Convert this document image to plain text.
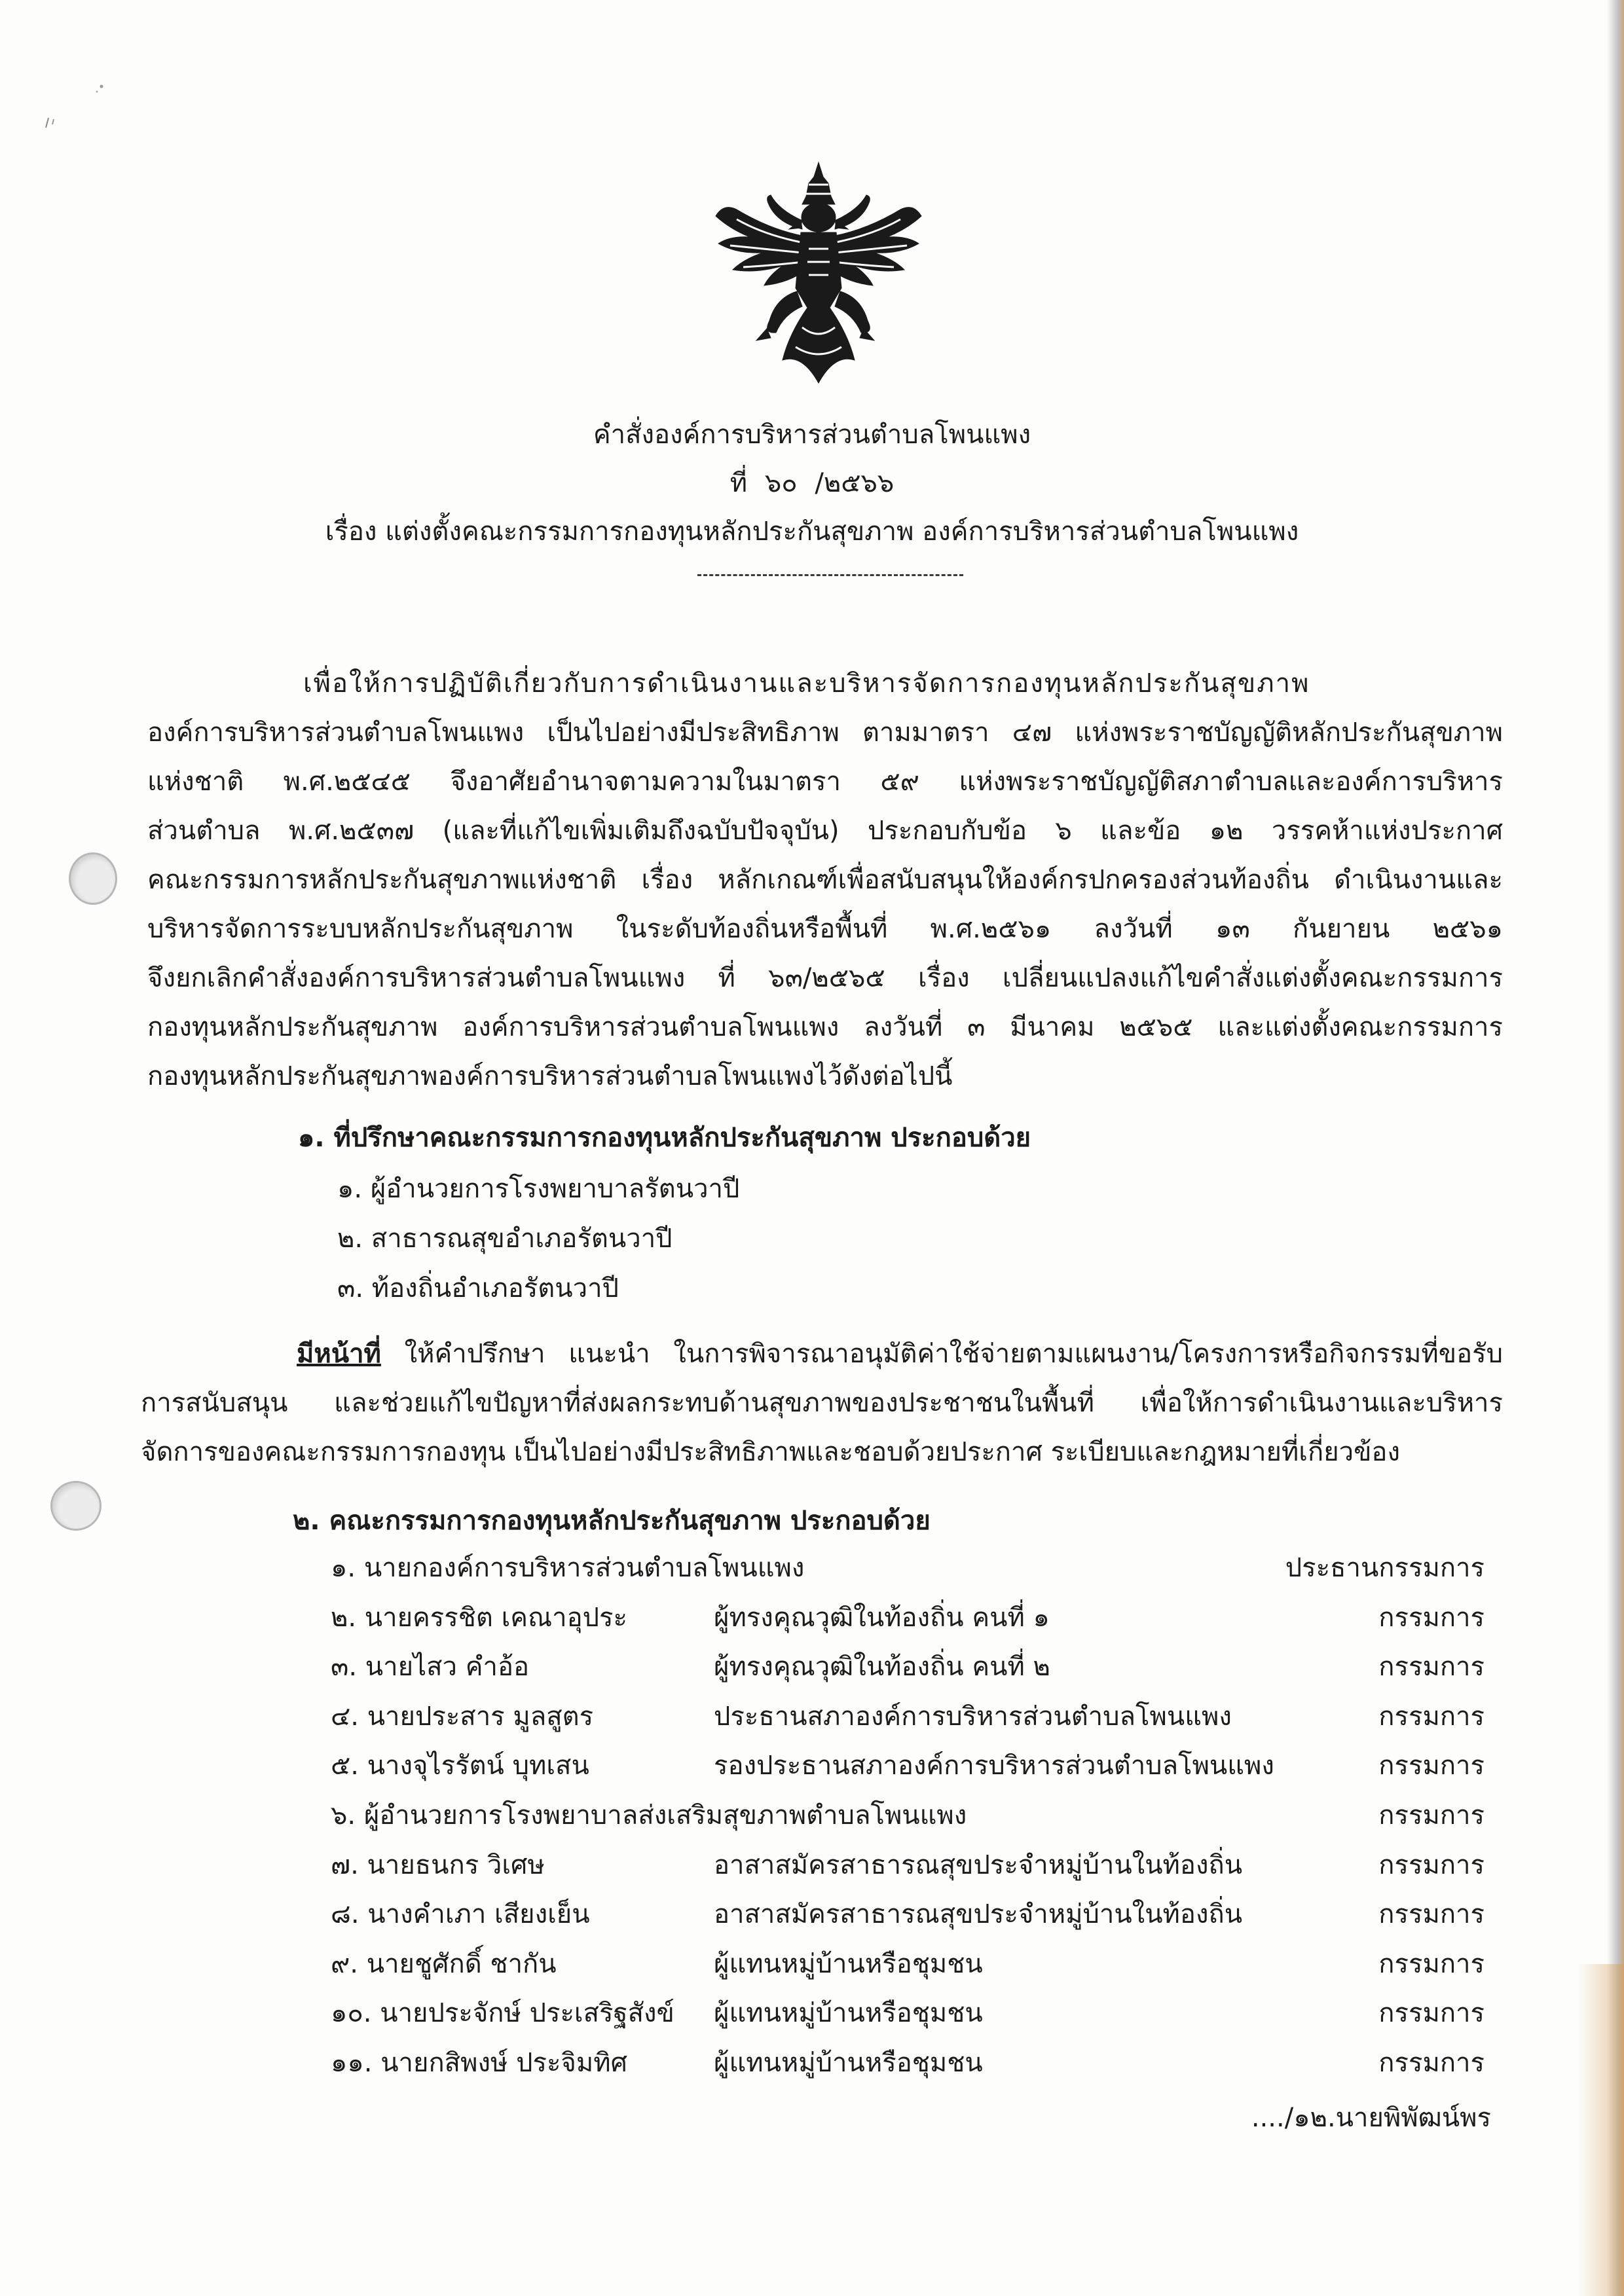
คำสั่งองค์การบริหารส่วนตำบลโพนแพง
ที่ ๖๐ /๒๕๖๖
เรื่อง แต่งตั้งคณะกรรมการกองทุนหลักประกันสุขภาพ องค์การบริหารส่วนตำบลโพนแพง
เพื่อให้การปฏิบัติเกี่ยวกับการดำเนินงานและบริหารจัดการกองทุนหลักประกันสุขภาพ
องค์การบริหารส่วนตำบลโพนแพง เป็นไปอย่างมีประสิทธิภาพ ตามมาตรา ๔๗ แห่งพระราชบัญญัติหลักประกันสุขภาพ
แห่งชาติ พ.ศ.๒๕๔๕ จึงอาศัยอำนาจตามความในมาตรา ๕๙ แห่งพระราชบัญญัติสภาตำบลและองค์การบริหาร
ส่วนตำบล พ.ศ.๒๕๓๗ (และที่แก้ไขเพิ่มเติมถึงฉบับปัจจุบัน) ประกอบกับข้อ ๖ และข้อ ๑๒ วรรคห้าแห่งประกาศ
คณะกรรมการหลักประกันสุขภาพแห่งชาติ เรื่อง หลักเกณฑ์เพื่อสนับสนุนให้องค์กรปกครองส่วนท้องถิ่น ดำเนินงานและ
บริหารจัดการระบบหลักประกันสุขภาพ ในระดับท้องถิ่นหรือพื้นที่ พ.ศ.๒๕๖๑ ลงวันที่ ๑๓ กันยายน ๒๕๖๑
จึงยกเลิกคำสั่งองค์การบริหารส่วนตำบลโพนแพง ที่ ๖๓/๒๕๖๕ เรื่อง เปลี่ยนแปลงแก้ไขคำสั่งแต่งตั้งคณะกรรมการ
กองทุนหลักประกันสุขภาพ องค์การบริหารส่วนตำบลโพนแพง ลงวันที่ ๓ มีนาคม ๒๕๖๕ และแต่งตั้งคณะกรรมการ
กองทุนหลักประกันสุขภาพองค์การบริหารส่วนตำบลโพนแพงไว้ดังต่อไปนี้
๑. ที่ปรึกษาคณะกรรมการกองทุนหลักประกันสุขภาพ ประกอบด้วย
๑. ผู้อำนวยการโรงพยาบาลรัตนวาปี
๒. สาธารณสุขอำเภอรัตนวาปี
๓. ท้องถิ่นอำเภอรัตนวาปี
มีหน้าที่ ให้คำปรึกษา แนะนำ ในการพิจารณาอนุมัติค่าใช้จ่ายตามแผนงาน/โครงการหรือกิจกรรมที่ขอรับ
การสนับสนุน และช่วยแก้ไขปัญหาที่ส่งผลกระทบด้านสุขภาพของประชาชนในพื้นที่ เพื่อให้การดำเนินงานและบริหาร
จัดการของคณะกรรมการกองทุน เป็นไปอย่างมีประสิทธิภาพและชอบด้วยประกาศ ระเบียบและกฎหมายที่เกี่ยวข้อง
๒. คณะกรรมการกองทุนหลักประกันสุขภาพ ประกอบด้วย
๑. นายกองค์การบริหารส่วนตำบลโพนแพง	ประธานกรรมการ
๒. นายครรชิต เคณาอุประ	ผู้ทรงคุณวุฒิในท้องถิ่น คนที่ ๑	กรรมการ
๓. นายไสว คำอ้อ	ผู้ทรงคุณวุฒิในท้องถิ่น คนที่ ๒	กรรมการ
๔. นายประสาร มูลสูตร	ประธานสภาองค์การบริหารส่วนตำบลโพนแพง	กรรมการ
๕. นางจุไรรัตน์ บุทเสน	รองประธานสภาองค์การบริหารส่วนตำบลโพนแพง	กรรมการ
๖. ผู้อำนวยการโรงพยาบาลส่งเสริมสุขภาพตำบลโพนแพง	กรรมการ
๗. นายธนกร วิเศษ	อาสาสมัครสาธารณสุขประจำหมู่บ้านในท้องถิ่น	กรรมการ
๘. นางคำเภา เสียงเย็น	อาสาสมัครสาธารณสุขประจำหมู่บ้านในท้องถิ่น	กรรมการ
๙. นายชูศักดิ์ ชากัน	ผู้แทนหมู่บ้านหรือชุมชน	กรรมการ
๑๐. นายประจักษ์ ประเสริฐสังข์ ผู้แทนหมู่บ้านหรือชุมชน	กรรมการ
๑๑. นายกสิพงษ์ ประจิมทิศ	ผู้แทนหมู่บ้านหรือชุมชน	กรรมการ
..../๑๒.นายพิพัฒน์พร
